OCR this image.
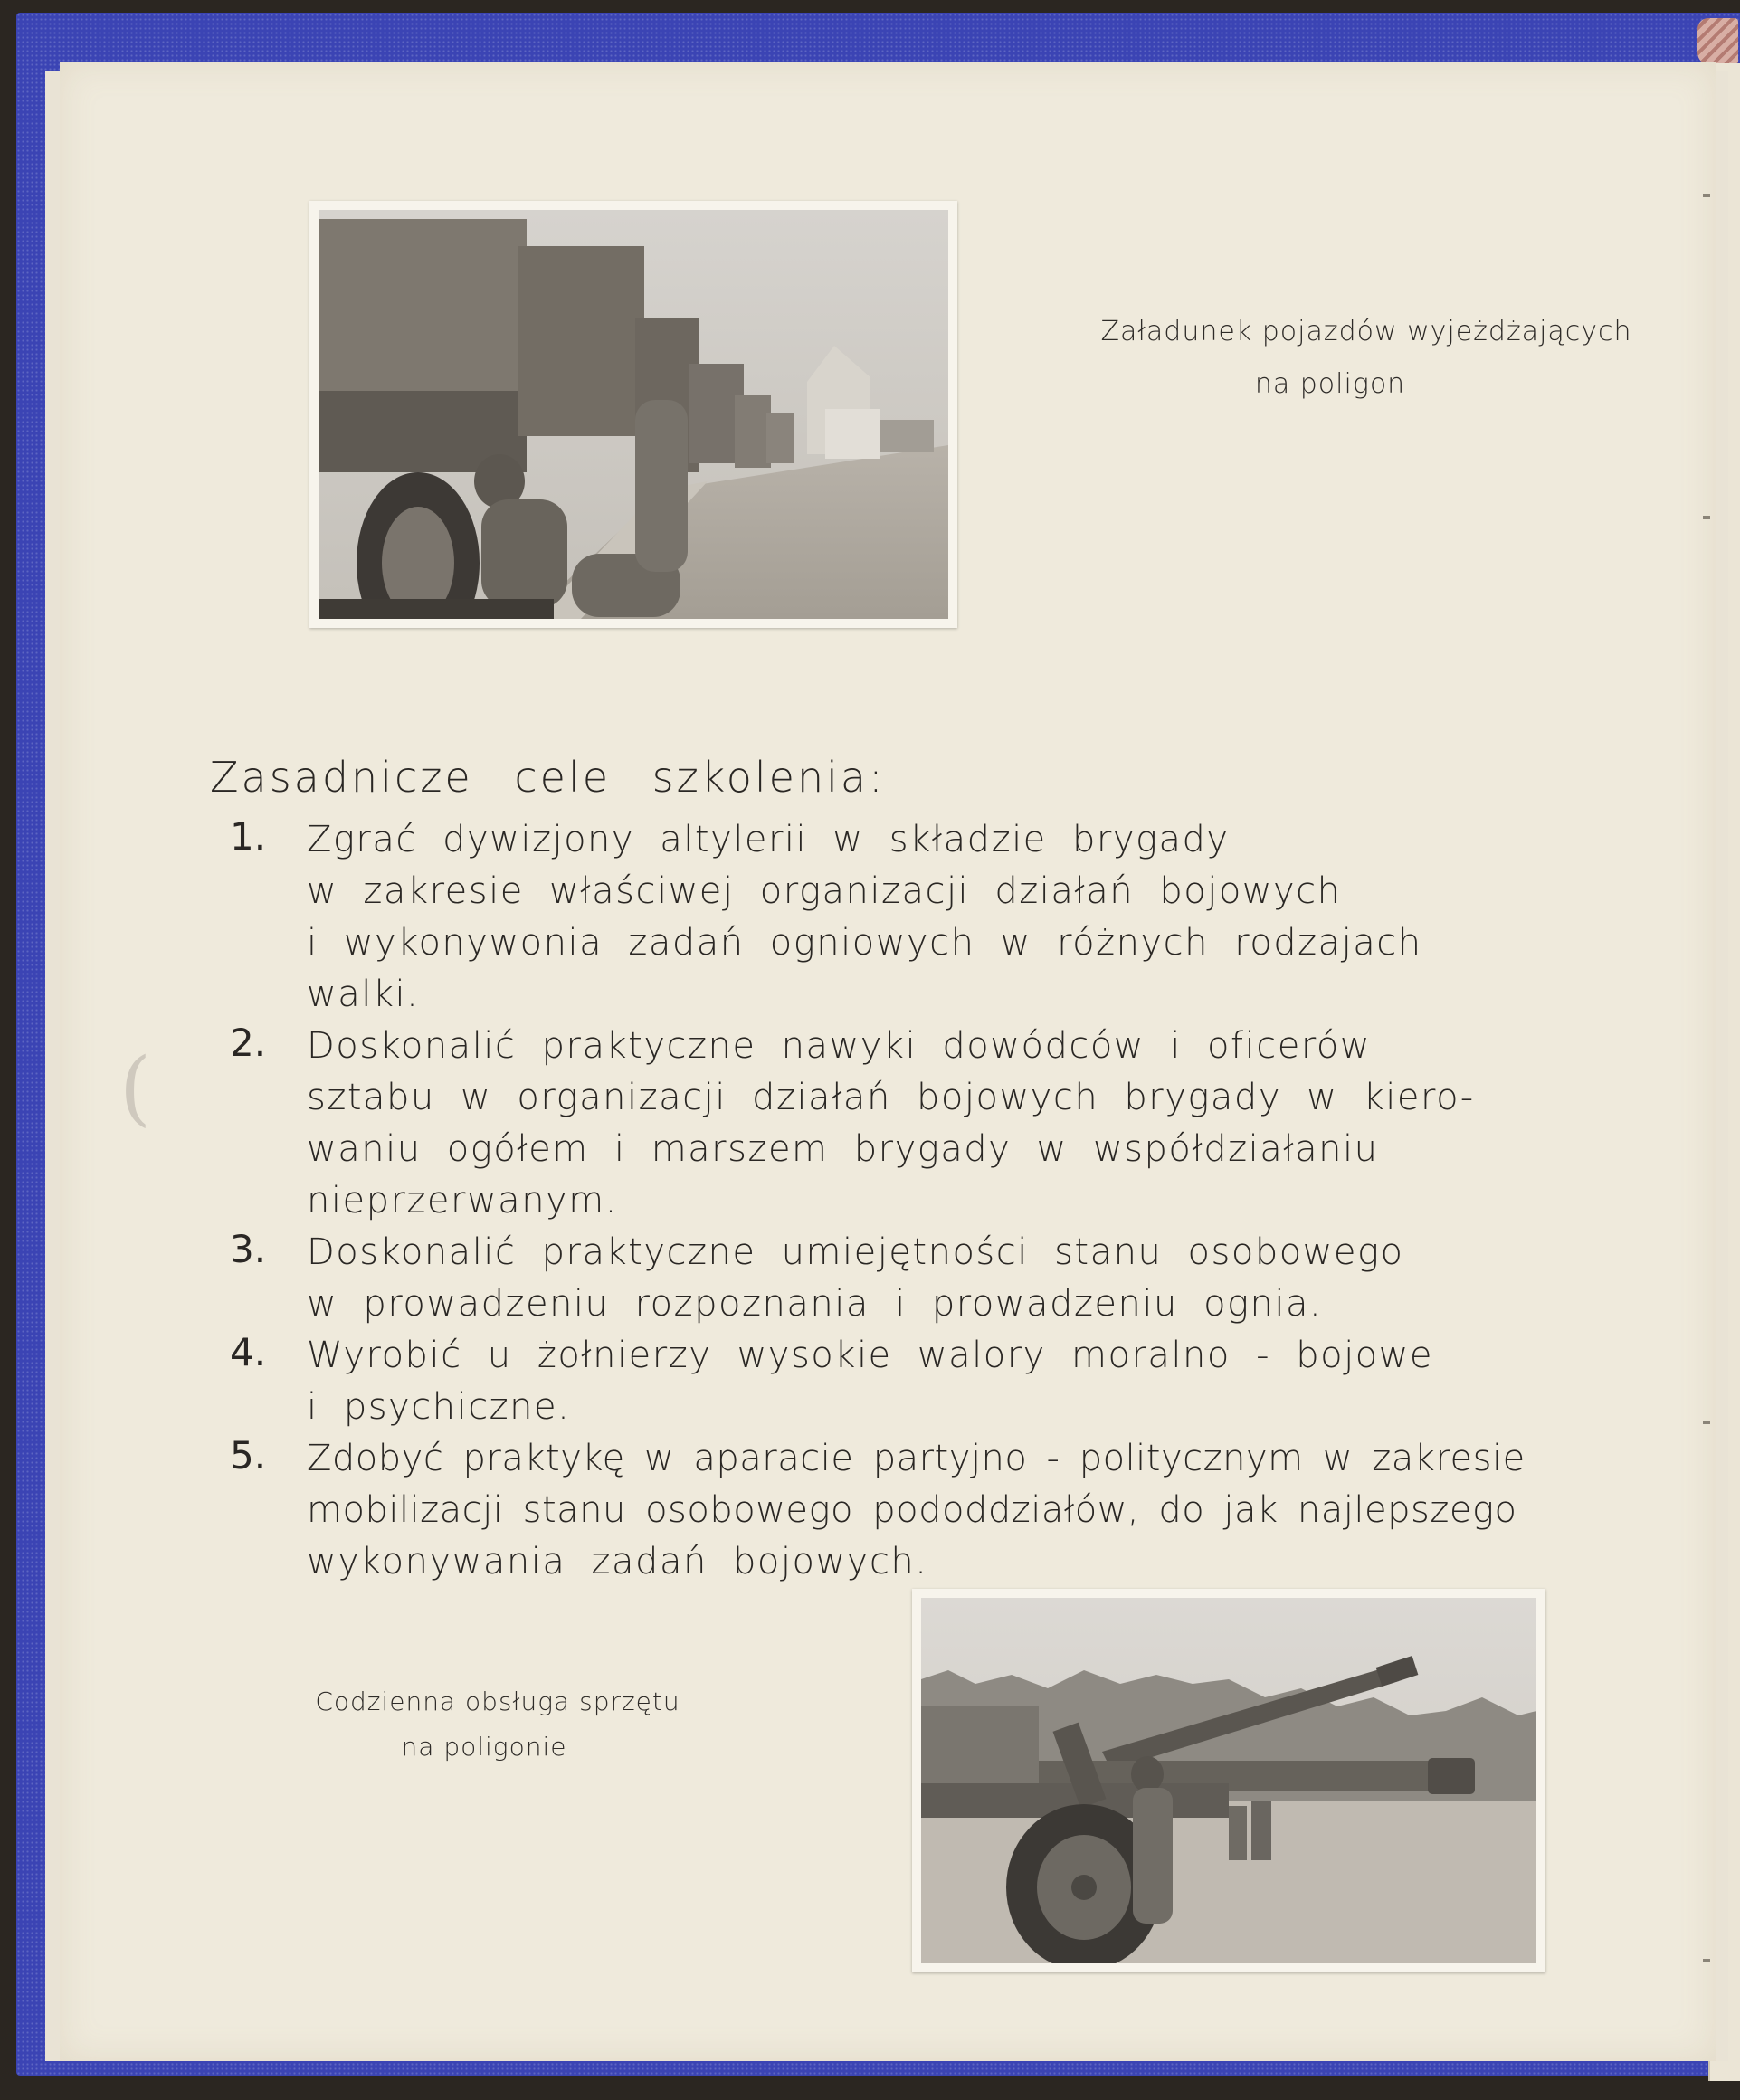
(
Załadunek pojazdów wyjeżdżających
na poligon
Zasadnicze cele szkolenia:
1. Zgrać dywizjony altylerii w składzie brygady
w zakresie właściwej organizacji działań bojowych
i wykonywonia zadań ogniowych w różnych rodzajach
walki.
2. Doskonalić praktyczne nawyki dowódców i oficerów
sztabu w organizacji działań bojowych brygady w kiero-
waniu ogółem i marszem brygady w współdziałaniu
nieprzerwanym.
3. Doskonalić praktyczne umiejętności stanu osobowego
w prowadzeniu rozpoznania i prowadzeniu ognia.
4. Wyrobić u żołnierzy wysokie walory moralno - bojowe
i psychiczne.
5. Zdobyć praktykę w aparacie partyjno - politycznym w zakresie
mobilizacji stanu osobowego pododdziałów, do jak najlepszego
wykonywania zadań bojowych.
Codzienna obsługa sprzętu
na poligonie
